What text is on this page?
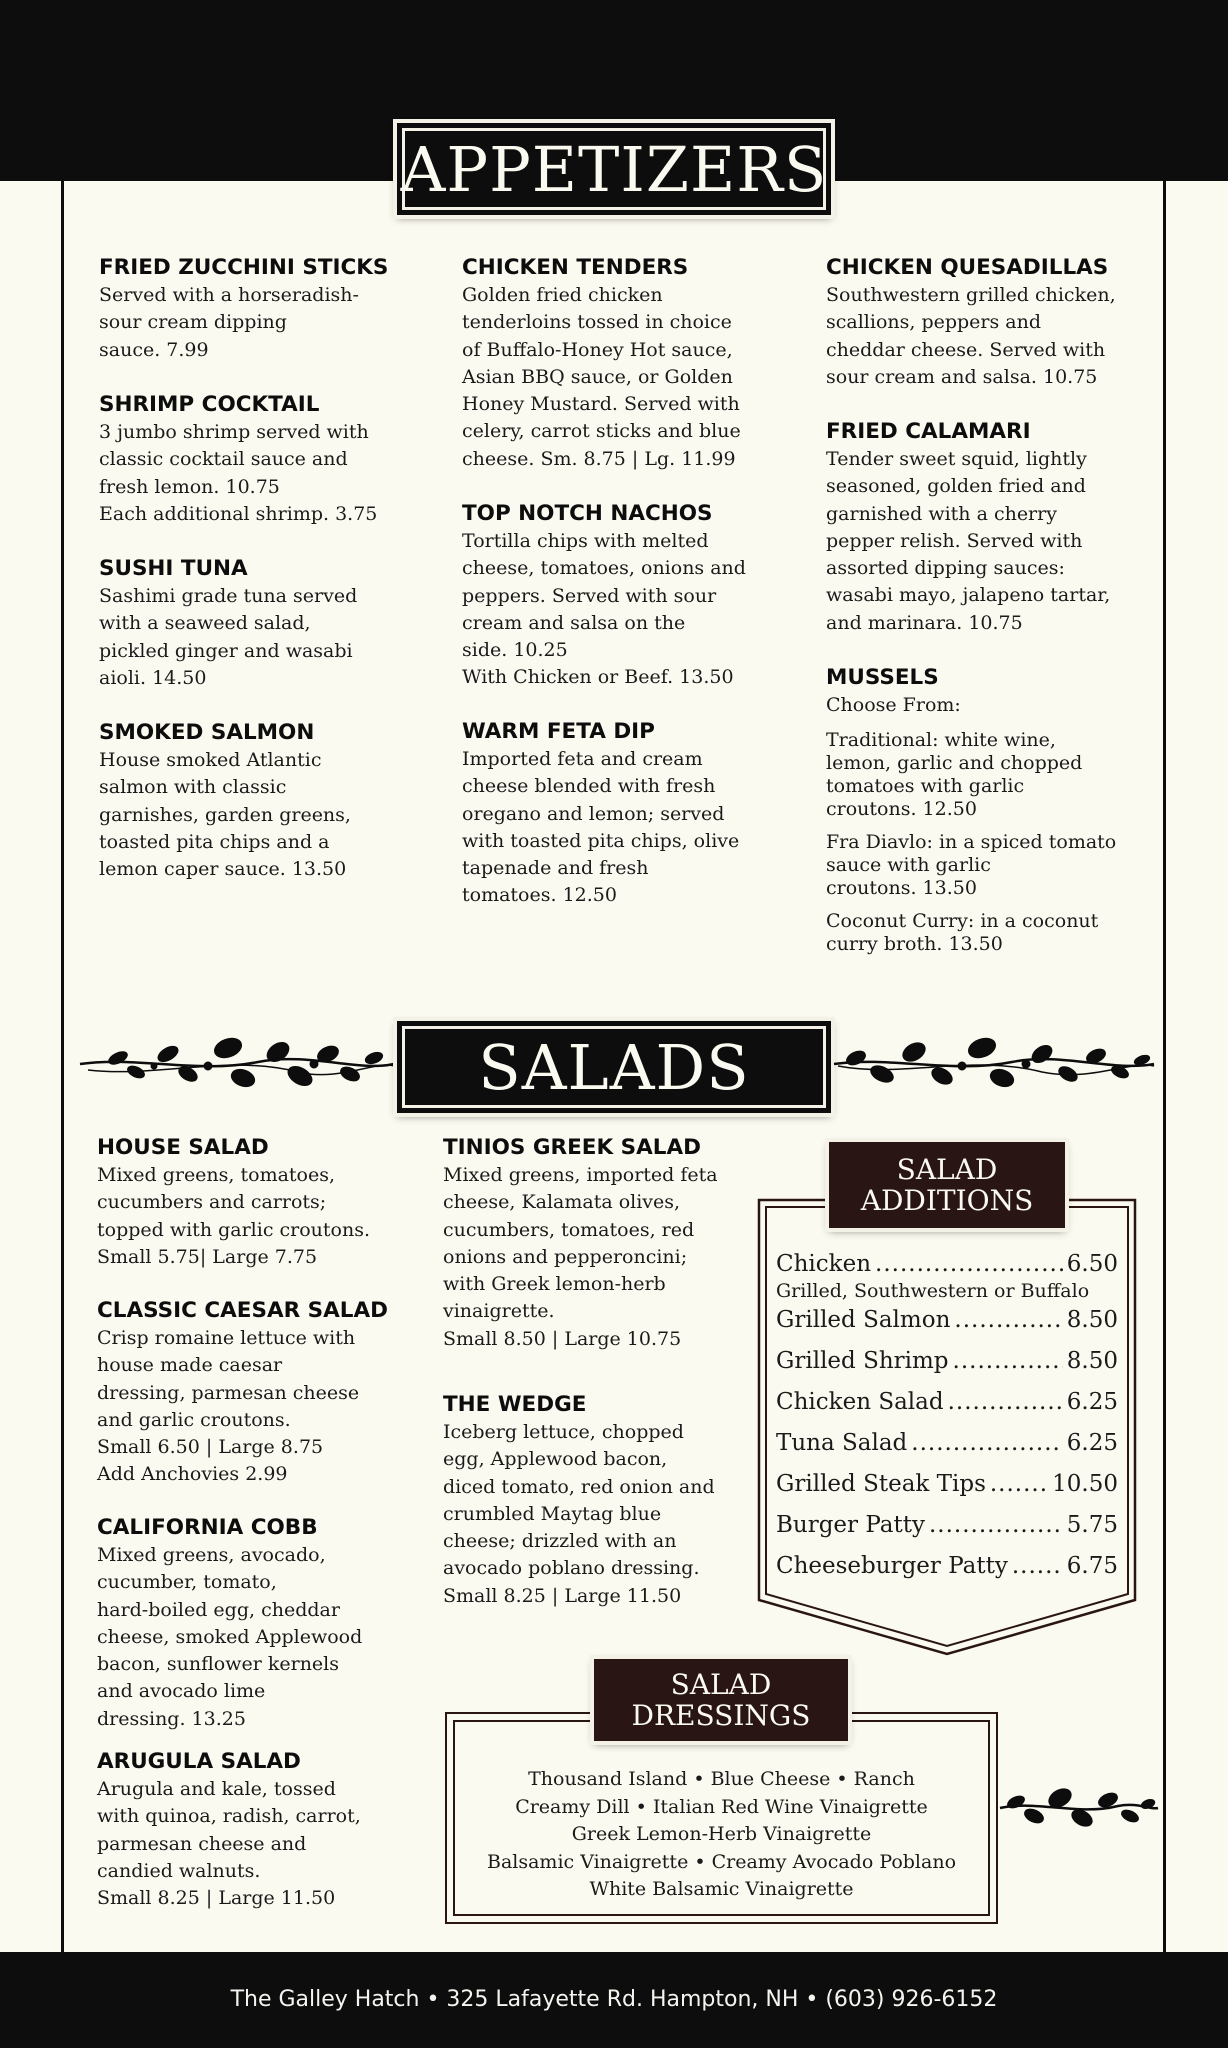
The Galley Hatch • 325 Lafayette Rd. Hampton, NH • (603) 926-6152
APPETIZERS
FRIED ZUCCHINI STICKS

Served with a horseradish-

sour cream dipping

sauce. 7.99

SHRIMP COCKTAIL

3 jumbo shrimp served with

classic cocktail sauce and

fresh lemon. 10.75

Each additional shrimp. 3.75

SUSHI TUNA

Sashimi grade tuna served

with a seaweed salad,

pickled ginger and wasabi

aioli. 14.50

SMOKED SALMON

House smoked Atlantic

salmon with classic

garnishes, garden greens,

toasted pita chips and a

lemon caper sauce. 13.50

CHICKEN TENDERS

Golden fried chicken

tenderloins tossed in choice

of Buffalo-Honey Hot sauce,

Asian BBQ sauce, or Golden

Honey Mustard. Served with

celery, carrot sticks and blue

cheese. Sm. 8.75 | Lg. 11.99

TOP NOTCH NACHOS

Tortilla chips with melted

cheese, tomatoes, onions and

peppers. Served with sour

cream and salsa on the

side. 10.25

With Chicken or Beef. 13.50

WARM FETA DIP

Imported feta and cream

cheese blended with fresh

oregano and lemon; served

with toasted pita chips, olive

tapenade and fresh

tomatoes. 12.50

CHICKEN QUESADILLAS

Southwestern grilled chicken,

scallions, peppers and

cheddar cheese. Served with

sour cream and salsa. 10.75

FRIED CALAMARI

Tender sweet squid, lightly

seasoned, golden fried and

garnished with a cherry

pepper relish. Served with

assorted dipping sauces:

wasabi mayo, jalapeno tartar,

and marinara. 10.75

MUSSELS
Choose From:
Traditional: white wine,
lemon, garlic and chopped
tomatoes with garlic
croutons. 12.50
Fra Diavlo: in a spiced tomato
sauce with garlic
croutons. 13.50
Coconut Curry: in a coconut
curry broth. 13.50
SALADS
HOUSE SALAD

Mixed greens, tomatoes,

cucumbers and carrots;

topped with garlic croutons.

Small 5.75| Large 7.75

CLASSIC CAESAR SALAD

Crisp romaine lettuce with

house made caesar

dressing, parmesan cheese

and garlic croutons.

Small 6.50 | Large 8.75

Add Anchovies 2.99

CALIFORNIA COBB

Mixed greens, avocado,

cucumber, tomato,

hard-boiled egg, cheddar

cheese, smoked Applewood

bacon, sunflower kernels

and avocado lime

dressing. 13.25

ARUGULA SALAD

Arugula and kale, tossed

with quinoa, radish, carrot,

parmesan cheese and

candied walnuts.

Small 8.25 | Large 11.50

TINIOS GREEK SALAD

Mixed greens, imported feta

cheese, Kalamata olives,

cucumbers, tomatoes, red

onions and pepperoncini;

with Greek lemon-herb

vinaigrette.

Small 8.50 | Large 10.75

THE WEDGE

Iceberg lettuce, chopped

egg, Applewood bacon,

diced tomato, red onion and

crumbled Maytag blue

cheese; drizzled with an

avocado poblano dressing.

Small 8.25 | Large 11.50

SALAD
ADDITIONS
Chicken .....	6.50
Grilled, Southwestern or Buffalo
Grilled Salmon .....	8.50
Grilled Shrimp .....	8.50
Chicken Salad .....	6.25
Tuna Salad .....	6.25
Grilled Steak Tips .....	10.50
Burger Patty .....	5.75
Cheeseburger Patty .....	6.75
SALAD
DRESSINGS
Thousand Island • Blue Cheese • Ranch
Creamy Dill • Italian Red Wine Vinaigrette
Greek Lemon-Herb Vinaigrette
Balsamic Vinaigrette • Creamy Avocado Poblano
White Balsamic Vinaigrette
